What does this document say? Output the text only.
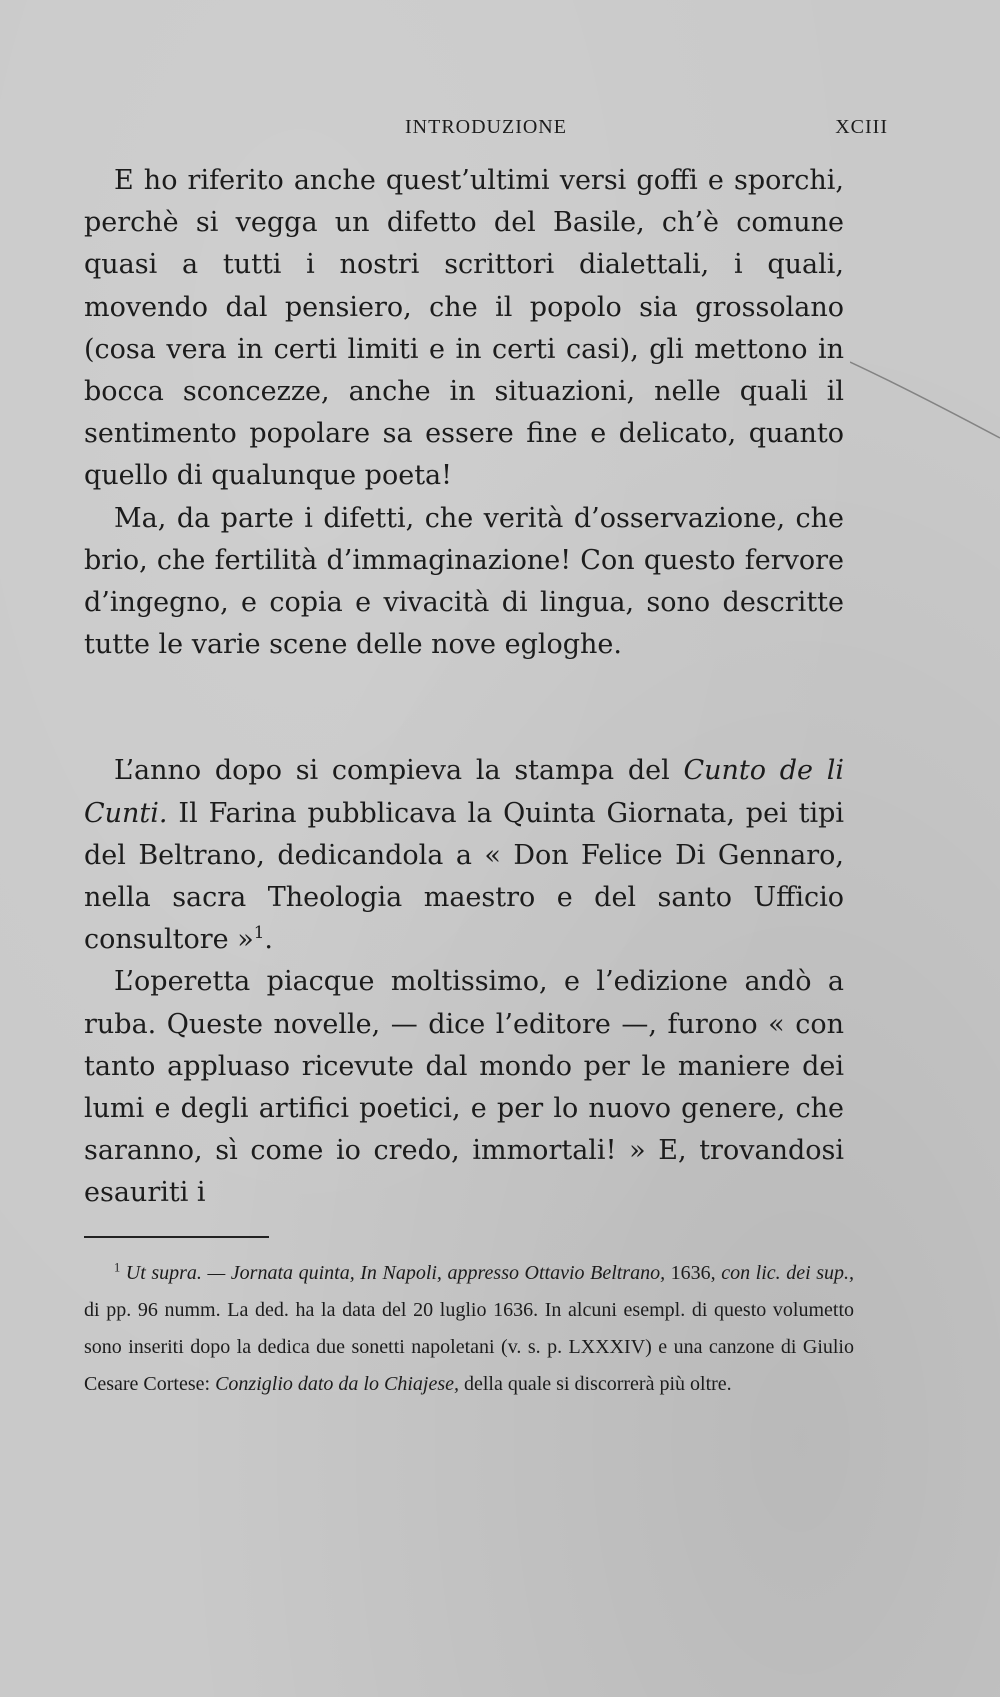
INTRODUZIONE	XCIII

E ho riferito anche quest’ultimi versi goffi e sporchi, perchè si vegga un difetto del Basile, ch’è comune quasi a tutti i nostri scrittori dialettali, i quali, movendo dal pensiero, che il popolo sia grossolano (cosa vera in certi limiti e in certi casi), gli mettono in bocca sconcezze, anche in situazioni, nelle quali il sentimento popolare sa essere fine e delicato, quanto quello di qualunque poeta!

Ma, da parte i difetti, che verità d’osservazione, che brio, che fertilità d’immaginazione! Con questo fervore d’ingegno, e copia e vivacità di lingua, sono descritte tutte le varie scene delle nove egloghe.

L’anno dopo si compieva la stampa del Cunto de li Cunti. Il Farina pubblicava la Quinta Giornata, pei tipi del Beltrano, dedicandola a « Don Felice Di Gennaro, nella sacra Theologia maestro e del santo Ufficio consultore »$^1$.

L’operetta piacque moltissimo, e l’edizione andò a ruba. Queste novelle, — dice l’editore —, furono « con tanto appluaso ricevute dal mondo per le maniere dei lumi e degli artifici poetici, e per lo nuovo genere, che saranno, sì come io credo, immortali! » E, trovandosi esauriti i

$^1$ Ut supra. — Jornata quinta, In Napoli, appresso Ottavio Beltrano, 1636, con lic. dei sup., di pp. 96 numm. La ded. ha la data del 20 luglio 1636. In alcuni esempl. di questo volumetto sono inseriti dopo la dedica due sonetti napoletani (v. s. p. LXXXIV) e una canzone di Giulio Cesare Cortese: Conziglio dato da lo Chiajese, della quale si discorrerà più oltre.
